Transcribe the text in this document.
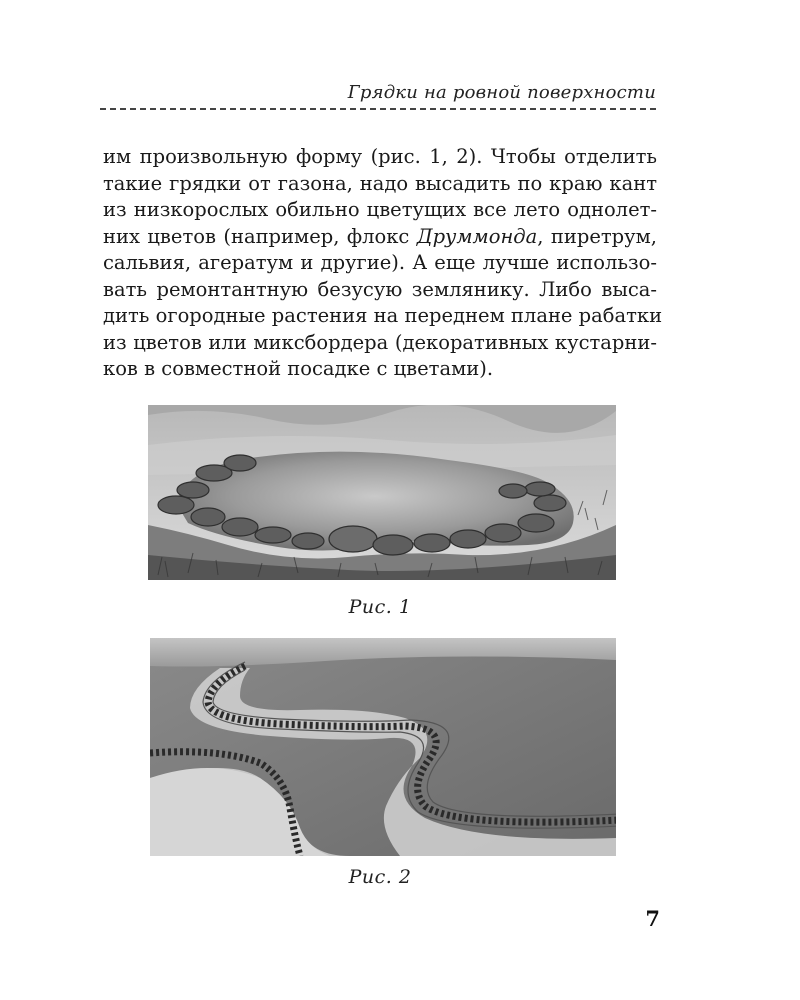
Грядки на ровной поверхности
им произвольную форму (рис. 1, 2). Чтобы отделить
такие грядки от газона, надо высадить по краю кант
из низкорослых обильно цветущих все лето однолет-
них цветов (например, флокс Друммонда, пиретрум,
сальвия, агератум и другие). А еще лучше использо-
вать ремонтантную безусую землянику. Либо выса-
дить огородные растения на переднем плане рабатки
из цветов или миксбордера (декоративных кустарни-
ков в совместной посадке с цветами).
Рис. 1
Рис. 2
7
